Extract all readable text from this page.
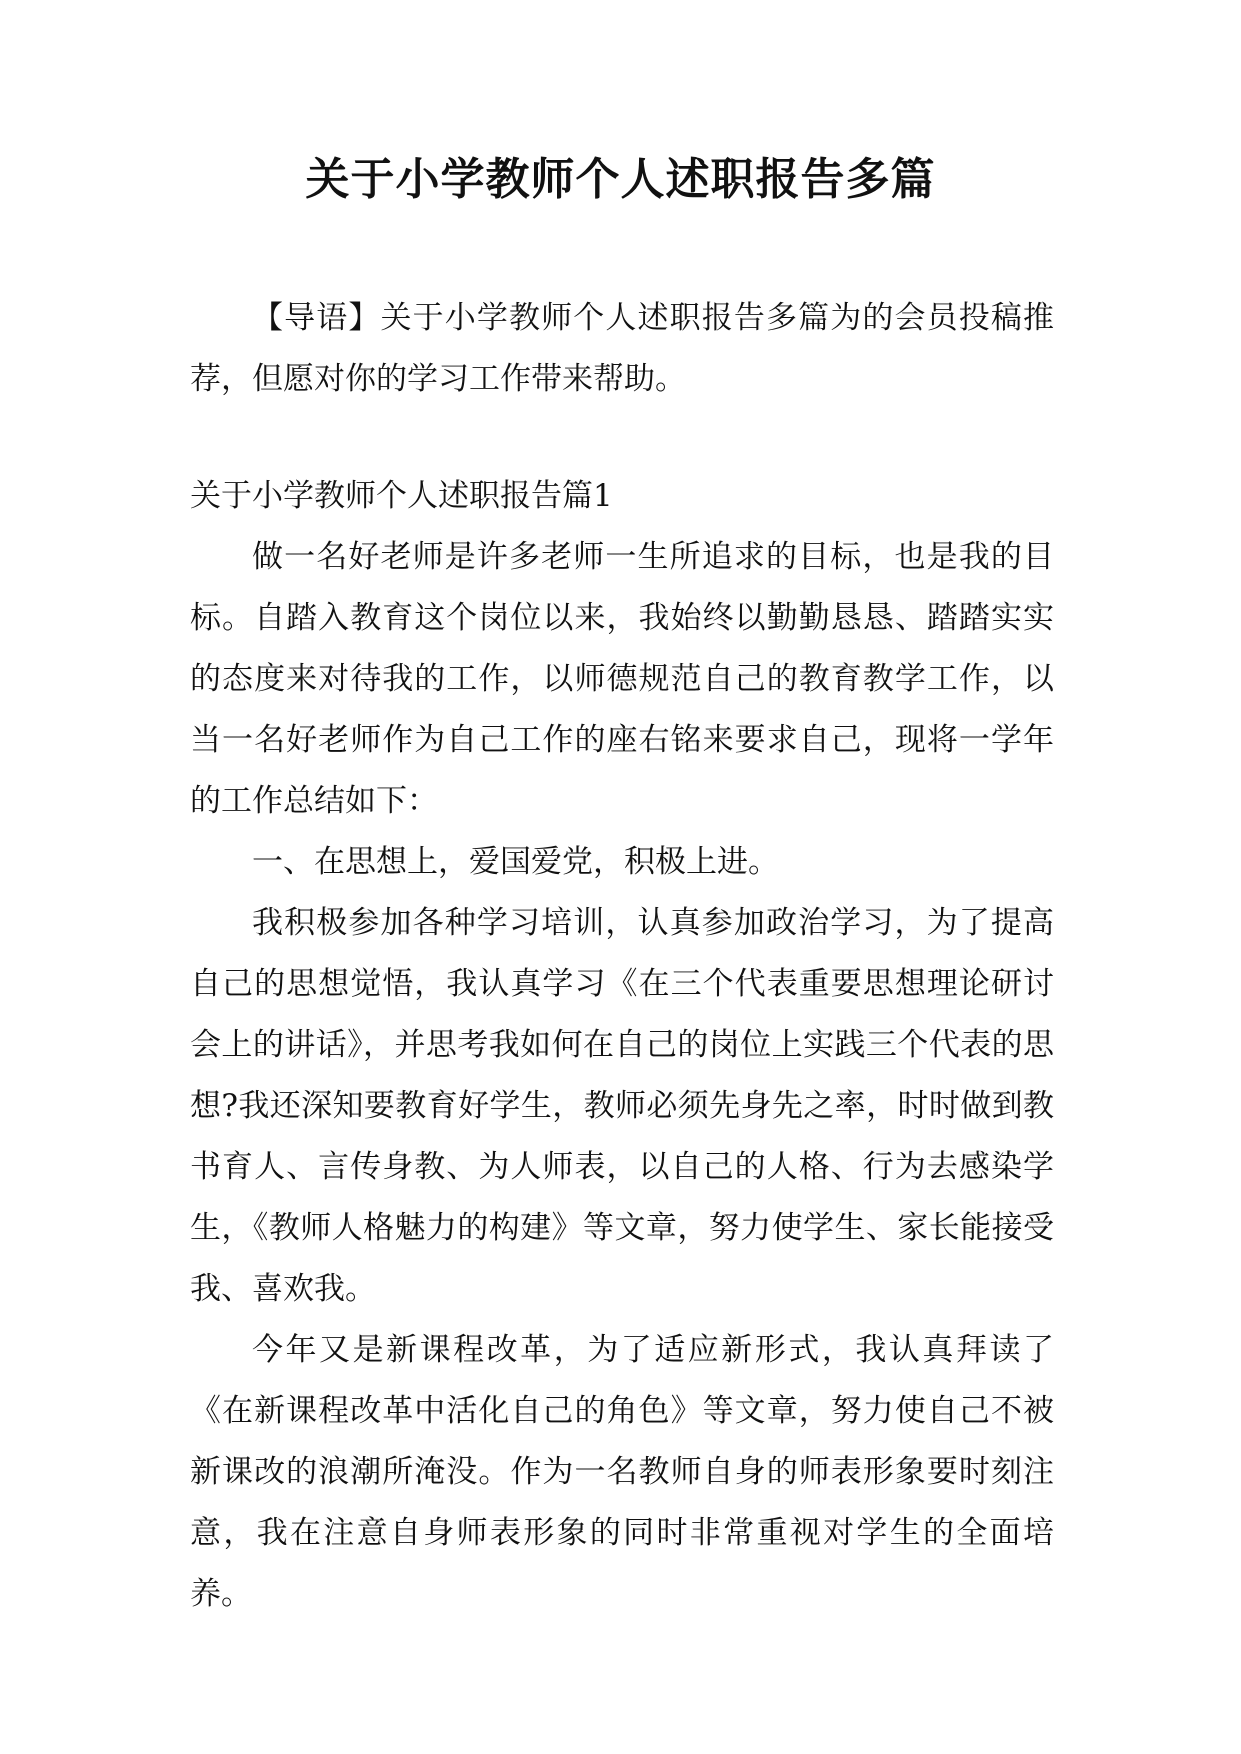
关于小学教师个人述职报告多篇

【导语】关于小学教师个人述职报告多篇为的会员投稿推荐，但愿对你的学习工作带来帮助。

关于小学教师个人述职报告篇1

做一名好老师是许多老师一生所追求的目标，也是我的目标。自踏入教育这个岗位以来，我始终以勤勤恳恳、踏踏实实的态度来对待我的工作，以师德规范自己的教育教学工作，以当一名好老师作为自己工作的座右铭来要求自己，现将一学年的工作总结如下：

一、在思想上，爱国爱党，积极上进。

我积极参加各种学习培训，认真参加政治学习，为了提高自己的思想觉悟，我认真学习《在三个代表重要思想理论研讨会上的讲话》，并思考我如何在自己的岗位上实践三个代表的思想?我还深知要教育好学生，教师必须先身先之率，时时做到教书育人、言传身教、为人师表，以自己的人格、行为去感染学生，《教师人格魅力的构建》等文章，努力使学生、家长能接受我、喜欢我。

今年又是新课程改革，为了适应新形式，我认真拜读了《在新课程改革中活化自己的角色》等文章，努力使自己不被新课改的浪潮所淹没。作为一名教师自身的师表形象要时刻注意，我在注意自身师表形象的同时非常重视对学生的全面培养。
